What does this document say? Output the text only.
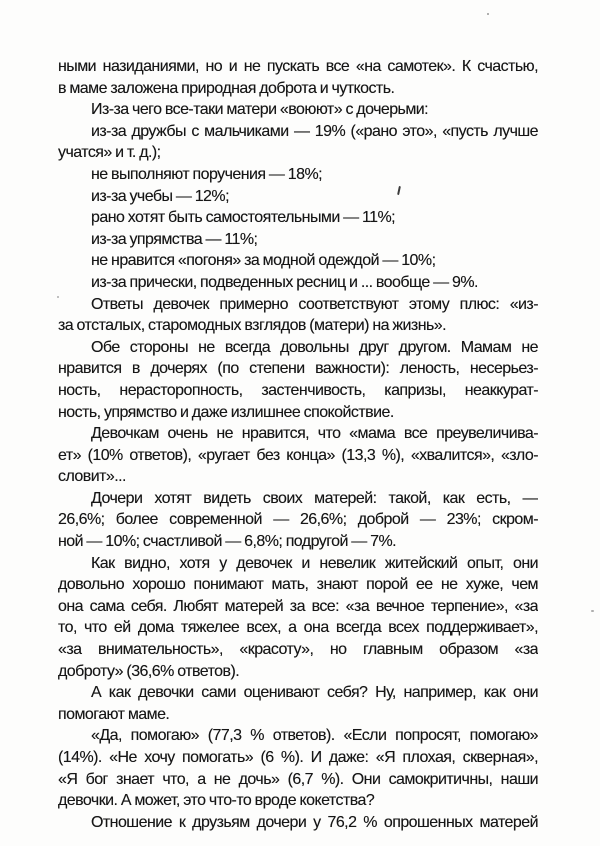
ными назиданиями, но и не пускать все «на самотек». К счастью,
в маме заложена природная доброта и чуткость.
Из-за чего все-таки матери «воюют» с дочерьми:
из-за дружбы с мальчиками — 19% («рано это», «пусть лучше
учатся» и т. д.);
не выполняют поручения — 18%;
из-за учебы — 12%;
рано хотят быть самостоятельными — 11%;
из-за упрямства — 11%;
не нравится «погоня» за модной одеждой — 10%;
из-за прически, подведенных ресниц и ... вообще — 9%.
Ответы девочек примерно соответствуют этому плюс: «из-
за отсталых, старомодных взглядов (матери) на жизнь».
Обе стороны не всегда довольны друг другом. Мамам не
нравится в дочерях (по степени важности): леность, несерьез-
ность, нерасторопность, застенчивость, капризы, неаккурат-
ность, упрямство и даже излишнее спокойствие.
Девочкам очень не нравится, что «мама все преувеличива-
ет» (10% ответов), «ругает без конца» (13,3 %), «хвалится», «зло-
словит»...
Дочери хотят видеть своих матерей: такой, как есть, —
26,6%; более современной — 26,6%; доброй — 23%; скром-
ной — 10%; счастливой — 6,8%; подругой — 7%.
Как видно, хотя у девочек и невелик житейский опыт, они
довольно хорошо понимают мать, знают порой ее не хуже, чем
она сама себя. Любят матерей за все: «за вечное терпение», «за
то, что ей дома тяжелее всех, а она всегда всех поддерживает»,
«за внимательность», «красоту», но главным образом «за
доброту» (36,6% ответов).
А как девочки сами оценивают себя? Ну, например, как они
помогают маме.
«Да, помогаю» (77,3 % ответов). «Если попросят, помогаю»
(14%). «Не хочу помогать» (6 %). И даже: «Я плохая, скверная»,
«Я бог знает что, а не дочь» (6,7 %). Они самокритичны, наши
девочки. А может, это что-то вроде кокетства?
Отношение к друзьям дочери у 76,2 % опрошенных матерей
